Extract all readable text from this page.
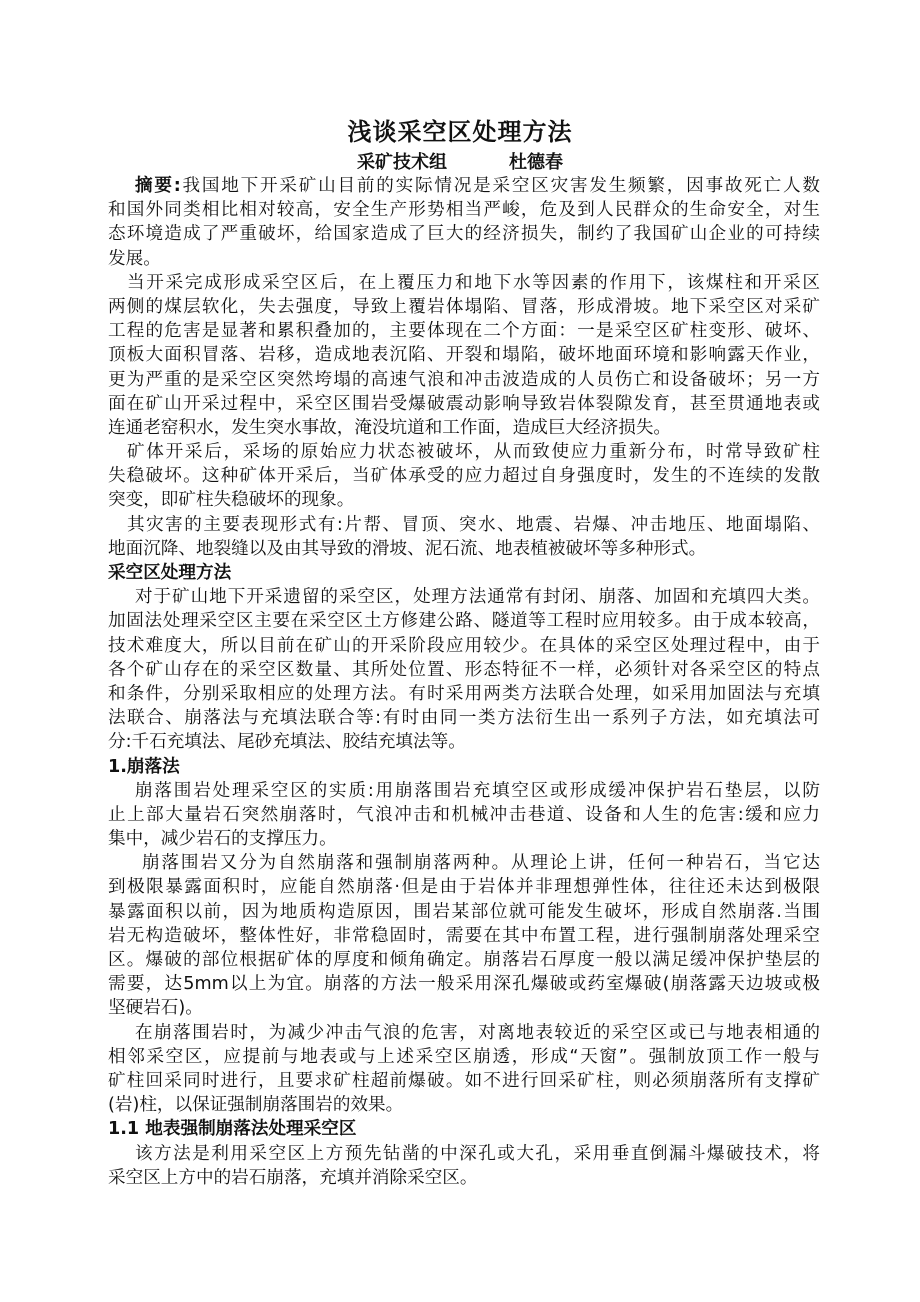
浅谈采空区处理方法
采矿技术组	杜德春
摘要:我国地下开采矿山目前的实际情况是采空区灾害发生频繁，因事故死亡人数
和国外同类相比相对较高，安全生产形势相当严峻，危及到人民群众的生命安全，对生
态环境造成了严重破坏，给国家造成了巨大的经济损失，制约了我国矿山企业的可持续
发展。
当开采完成形成采空区后，在上覆压力和地下水等因素的作用下，该煤柱和开采区
两侧的煤层软化，失去强度，导致上覆岩体塌陷、冒落，形成滑坡。地下采空区对采矿
工程的危害是显著和累积叠加的，主要体现在二个方面：一是采空区矿柱变形、破坏、
顶板大面积冒落、岩移，造成地表沉陷、开裂和塌陷，破坏地面环境和影响露天作业，
更为严重的是采空区突然垮塌的高速气浪和冲击波造成的人员伤亡和设备破坏；另一方
面在矿山开采过程中，采空区围岩受爆破震动影响导致岩体裂隙发育，甚至贯通地表或
连通老窑积水，发生突水事故，淹没坑道和工作面，造成巨大经济损失。
矿体开采后，采场的原始应力状态被破坏，从而致使应力重新分布，时常导致矿柱
失稳破坏。这种矿体开采后，当矿体承受的应力超过自身强度时，发生的不连续的发散
突变，即矿柱失稳破坏的现象。
其灾害的主要表现形式有:片帮、冒顶、突水、地震、岩爆、冲击地压、地面塌陷、
地面沉降、地裂缝以及由其导致的滑坡、泥石流、地表植被破坏等多种形式。
采空区处理方法
对于矿山地下开采遗留的采空区，处理方法通常有封闭、崩落、加固和充填四大类。
加固法处理采空区主要在采空区土方修建公路、隧道等工程时应用较多。由于成本较高，
技术难度大，所以目前在矿山的开采阶段应用较少。在具体的采空区处理过程中，由于
各个矿山存在的采空区数量、其所处位置、形态特征不一样，必须针对各采空区的特点
和条件，分别采取相应的处理方法。有时采用两类方法联合处理，如采用加固法与充填
法联合、崩落法与充填法联合等:有时由同一类方法衍生出一系列子方法，如充填法可
分:千石充填法、尾砂充填法、胶结充填法等。
1.崩落法
崩落围岩处理采空区的实质:用崩落围岩充填空区或形成缓冲保护岩石垫层，以防
止上部大量岩石突然崩落时，气浪冲击和机械冲击巷道、设备和人生的危害:缓和应力
集中，减少岩石的支撑压力。
崩落围岩又分为自然崩落和强制崩落两种。从理论上讲，任何一种岩石，当它达
到极限暴露面积时，应能自然崩落·但是由于岩体并非理想弹性体，往往还未达到极限
暴露面积以前，因为地质构造原因，围岩某部位就可能发生破坏，形成自然崩落.当围
岩无构造破坏，整体性好，非常稳固时，需要在其中布置工程，进行强制崩落处理采空
区。爆破的部位根据矿体的厚度和倾角确定。崩落岩石厚度一般以满足缓冲保护垫层的
需要，达5mm以上为宜。崩落的方法一般采用深孔爆破或药室爆破(崩落露天边坡或极
坚硬岩石)。
在崩落围岩时，为减少冲击气浪的危害，对离地表较近的采空区或已与地表相通的
相邻采空区，应提前与地表或与上述采空区崩透，形成“天窗”。强制放顶工作一般与
矿柱回采同时进行，且要求矿柱超前爆破。如不进行回采矿柱，则必须崩落所有支撑矿
(岩)柱，以保证强制崩落围岩的效果。
1.1 地表强制崩落法处理采空区
该方法是利用采空区上方预先钻凿的中深孔或大孔，采用垂直倒漏斗爆破技术，将
采空区上方中的岩石崩落，充填并消除采空区。
